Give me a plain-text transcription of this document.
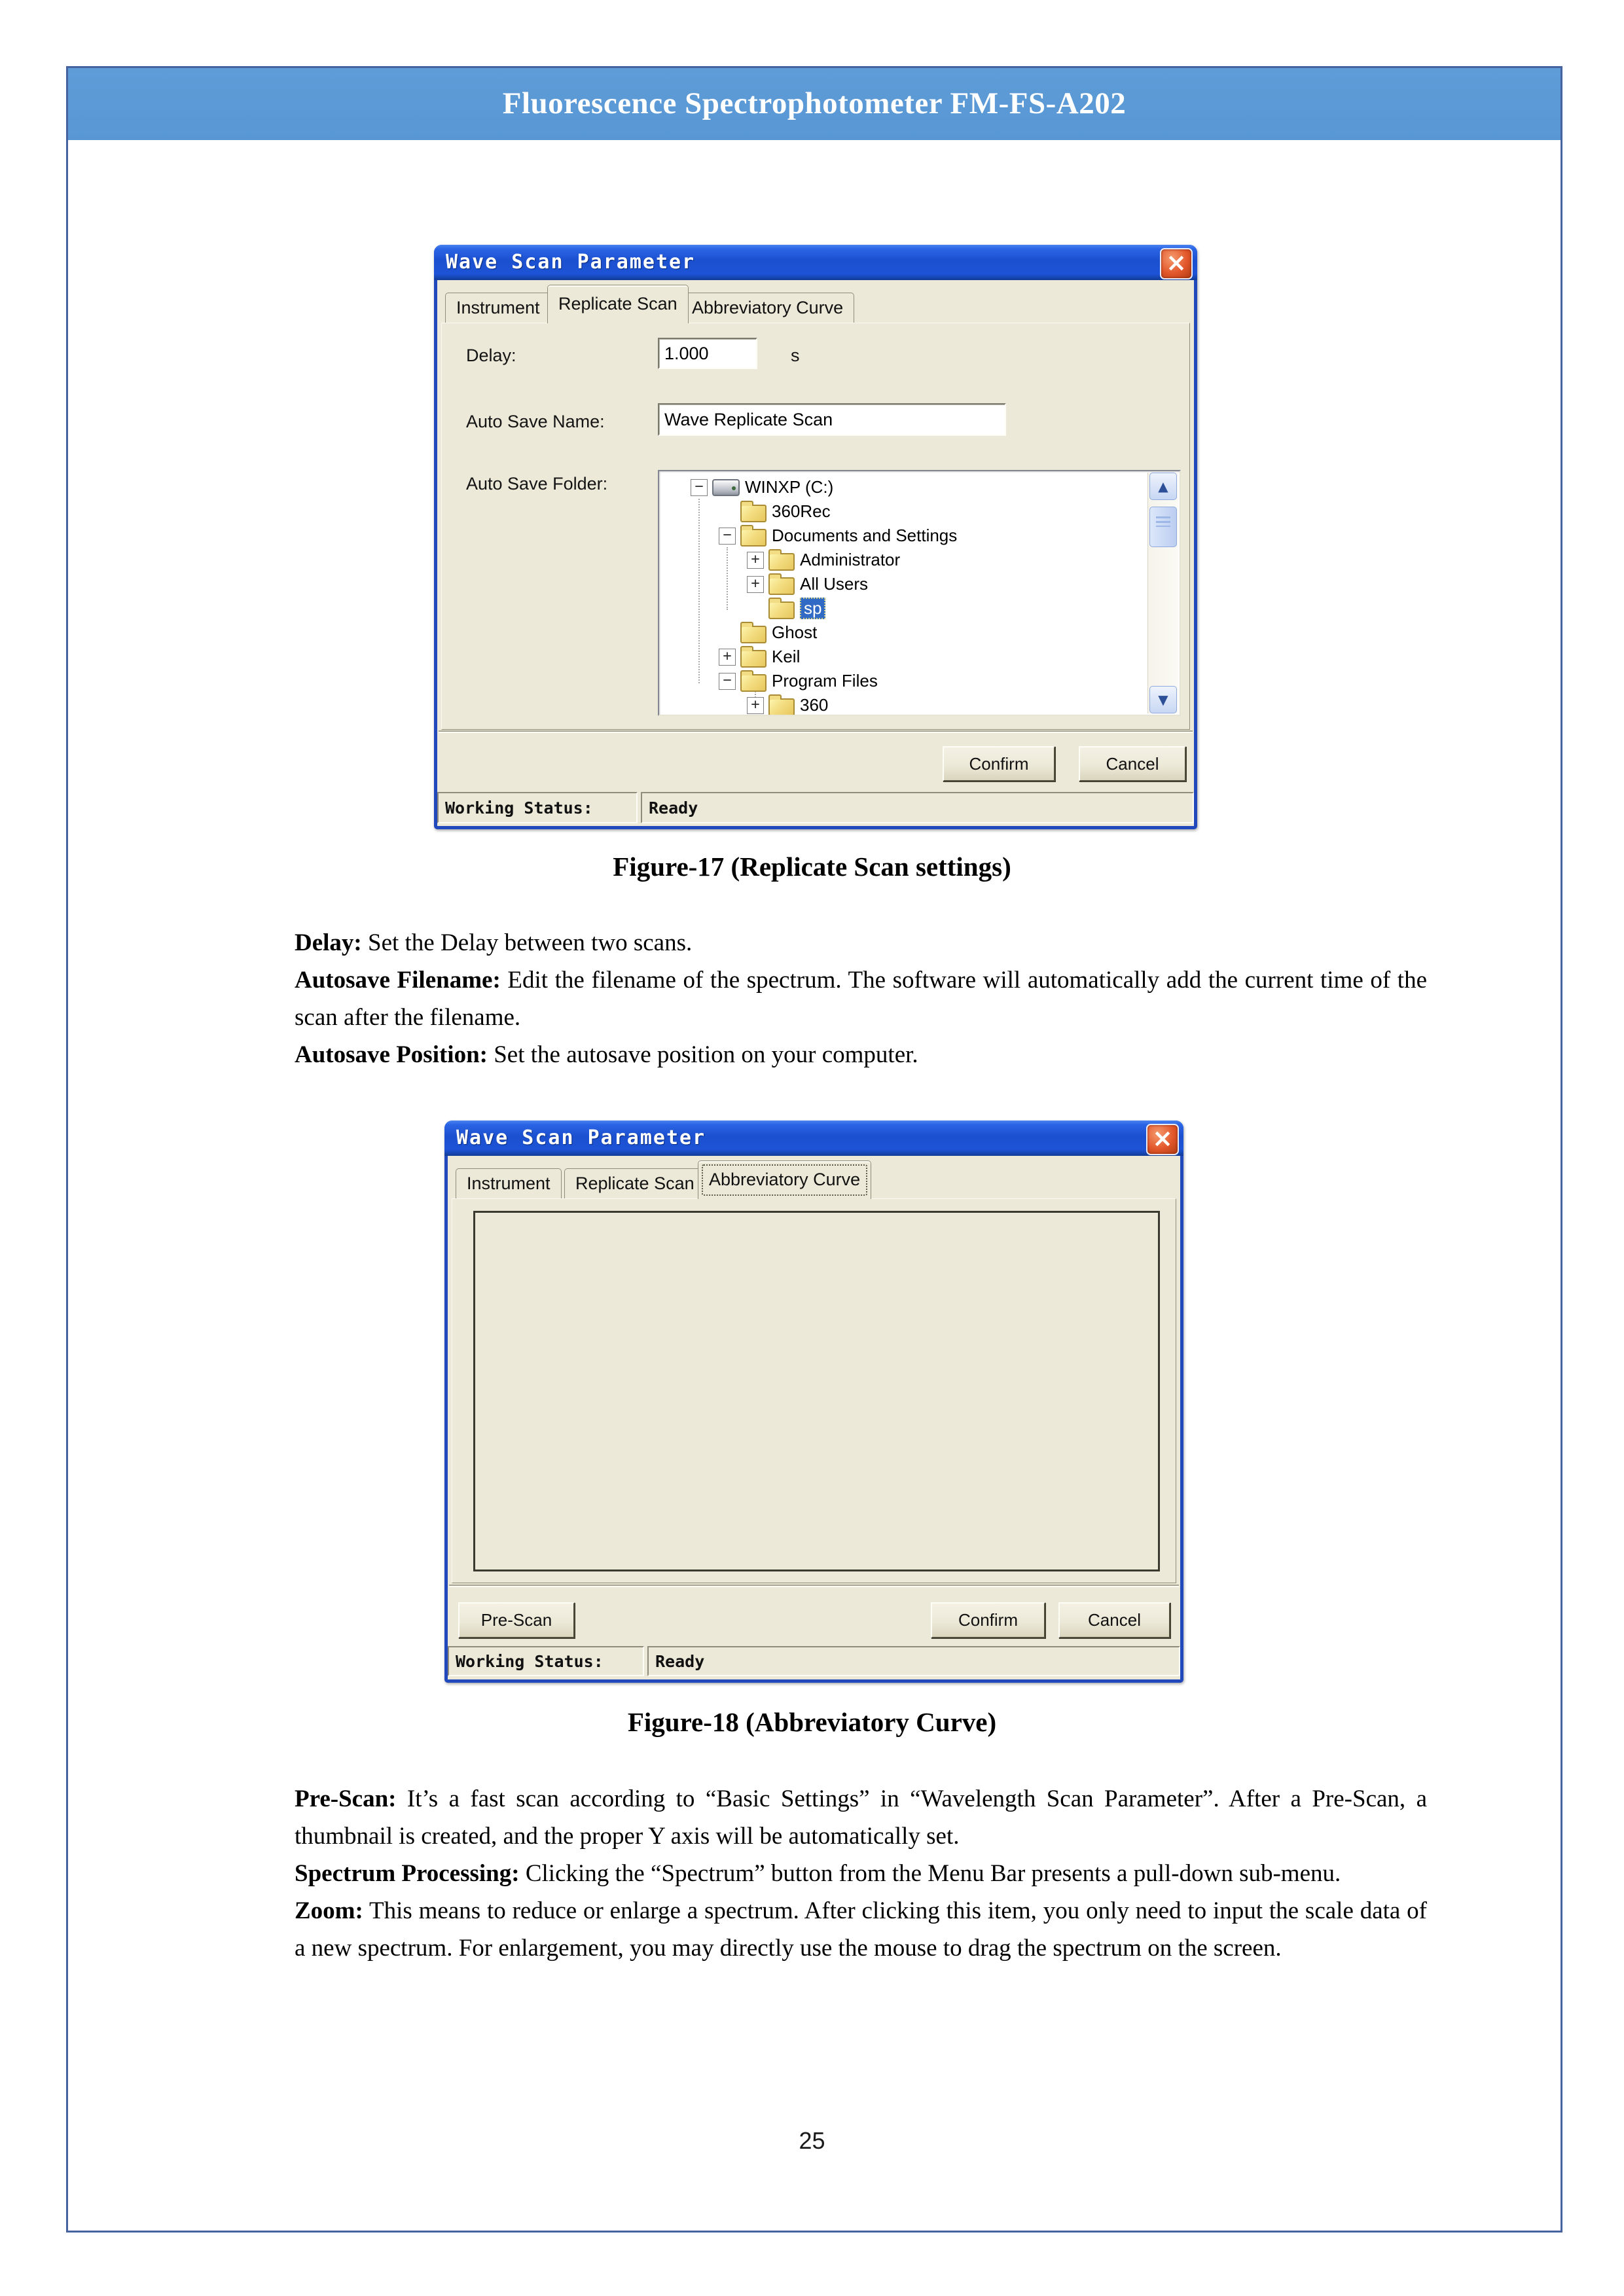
Fluorescence Spectrophotometer FM-FS-A202
Wave Scan Parameter	×
Instrument	Replicate Scan Abbreviatory Curve
Delay:
1.000	s
Auto Save Name:
Wave Replicate Scan
Auto Save Folder:	− WINXP (C:)
360Rec
− Documents and Settings
+ Administrator
+ All Users
sp
Ghost
+ Keil
− Program Files
+ 360
▲
▼
Confirm	Cancel
Working Status:	Ready
Figure-17 (Replicate Scan settings)

Delay: Set the Delay between two scans.

Autosave Filename: Edit the filename of the spectrum. The software will automatically add the current time of the scan after the filename.

Autosave Position: Set the autosave position on your computer.

Wave Scan Parameter	×
Instrument	Replicate Scan Abbreviatory Curve
Pre-Scan	Confirm	Cancel
Working Status:	Ready
Figure-18 (Abbreviatory Curve)

Pre-Scan: It’s a fast scan according to “Basic Settings” in “Wavelength Scan Parameter”. After a Pre-Scan, a thumbnail is created, and the proper Y axis will be automatically set.

Spectrum Processing: Clicking the “Spectrum” button from the Menu Bar presents a pull-down sub-menu.

Zoom: This means to reduce or enlarge a spectrum. After clicking this item, you only need to input the scale data of a new spectrum. For enlargement, you may directly use the mouse to drag the spectrum on the screen.

25
